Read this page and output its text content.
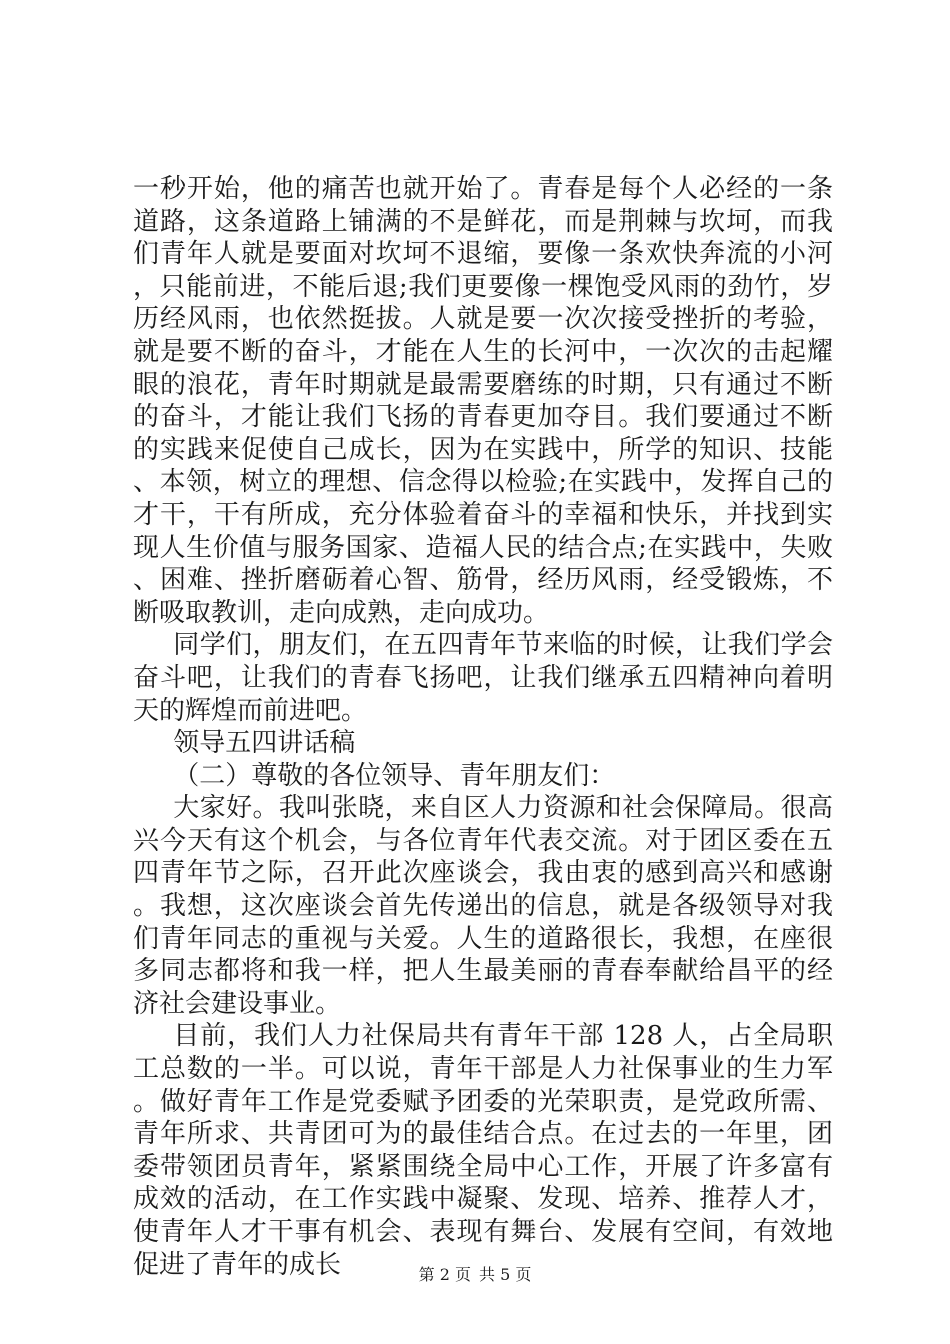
一秒开始，他的痛苦也就开始了。青春是每个人必经的一条道路，这条道路上铺满的不是鲜花，而是荆棘与坎坷，而我们青年人就是要面对坎坷不退缩，要像一条欢快奔流的小河，只能前进，不能后退;我们更要像一棵饱受风雨的劲竹，岁历经风雨，也依然挺拔。人就是要一次次接受挫折的考验，就是要不断的奋斗，才能在人生的长河中，一次次的击起耀眼的浪花，青年时期就是最需要磨练的时期，只有通过不断的奋斗，才能让我们飞扬的青春更加夺目。我们要通过不断的实践来促使自己成长，因为在实践中，所学的知识、技能、本领，树立的理想、信念得以检验;在实践中，发挥自己的才干，干有所成，充分体验着奋斗的幸福和快乐，并找到实现人生价值与服务国家、造福人民的结合点;在实践中，失败、困难、挫折磨砺着心智、筋骨，经历风雨，经受锻炼，不断吸取教训，走向成熟，走向成功。

同学们，朋友们，在五四青年节来临的时候，让我们学会奋斗吧，让我们的青春飞扬吧，让我们继承五四精神向着明天的辉煌而前进吧。

领导五四讲话稿

（二）尊敬的各位领导、青年朋友们：

大家好。我叫张晓，来自区人力资源和社会保障局。很高兴今天有这个机会，与各位青年代表交流。对于团区委在五四青年节之际，召开此次座谈会，我由衷的感到高兴和感谢。我想，这次座谈会首先传递出的信息，就是各级领导对我们青年同志的重视与关爱。人生的道路很长，我想，在座很多同志都将和我一样，把人生最美丽的青春奉献给昌平的经济社会建设事业。

目前，我们人力社保局共有青年干部 128 人，占全局职工总数的一半。可以说，青年干部是人力社保事业的生力军。做好青年工作是党委赋予团委的光荣职责，是党政所需、青年所求、共青团可为的最佳结合点。在过去的一年里，团委带领团员青年，紧紧围绕全局中心工作，开展了许多富有成效的活动，在工作实践中凝聚、发现、培养、推荐人才，使青年人才干事有机会、表现有舞台、发展有空间，有效地促进了青年的成长	第 2 页 共 5 页
